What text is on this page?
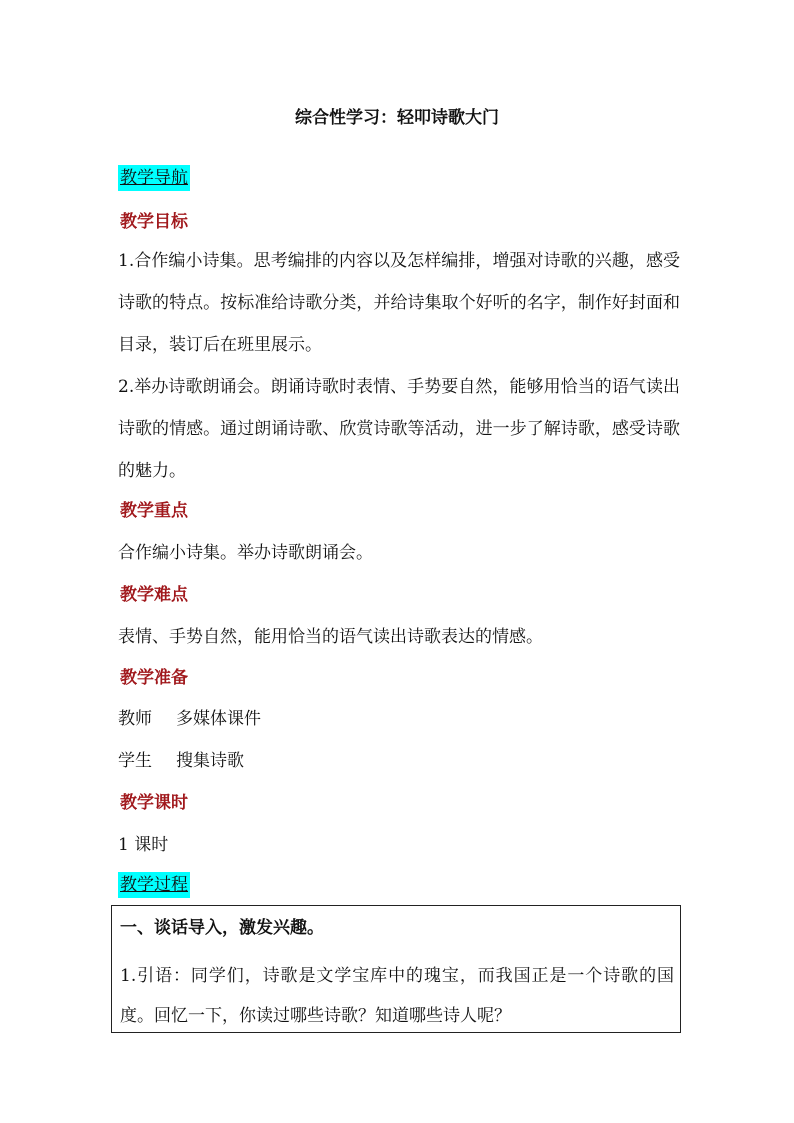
综合性学习：轻叩诗歌大门
教学导航
教学目标
1.合作编小诗集。思考编排的内容以及怎样编排，增强对诗歌的兴趣，感受诗歌的特点。按标准给诗歌分类，并给诗集取个好听的名字，制作好封面和目录，装订后在班里展示。
2.举办诗歌朗诵会。朗诵诗歌时表情、手势要自然，能够用恰当的语气读出诗歌的情感。通过朗诵诗歌、欣赏诗歌等活动，进一步了解诗歌，感受诗歌的魅力。
教学重点
合作编小诗集。举办诗歌朗诵会。
教学难点
表情、手势自然，能用恰当的语气读出诗歌表达的情感。
教学准备
教师 多媒体课件
学生 搜集诗歌
教学课时
1 课时
教学过程
一、谈话导入，激发兴趣。
1.引语：同学们，诗歌是文学宝库中的瑰宝，而我国正是一个诗歌的国度。回忆一下，你读过哪些诗歌？知道哪些诗人呢？
